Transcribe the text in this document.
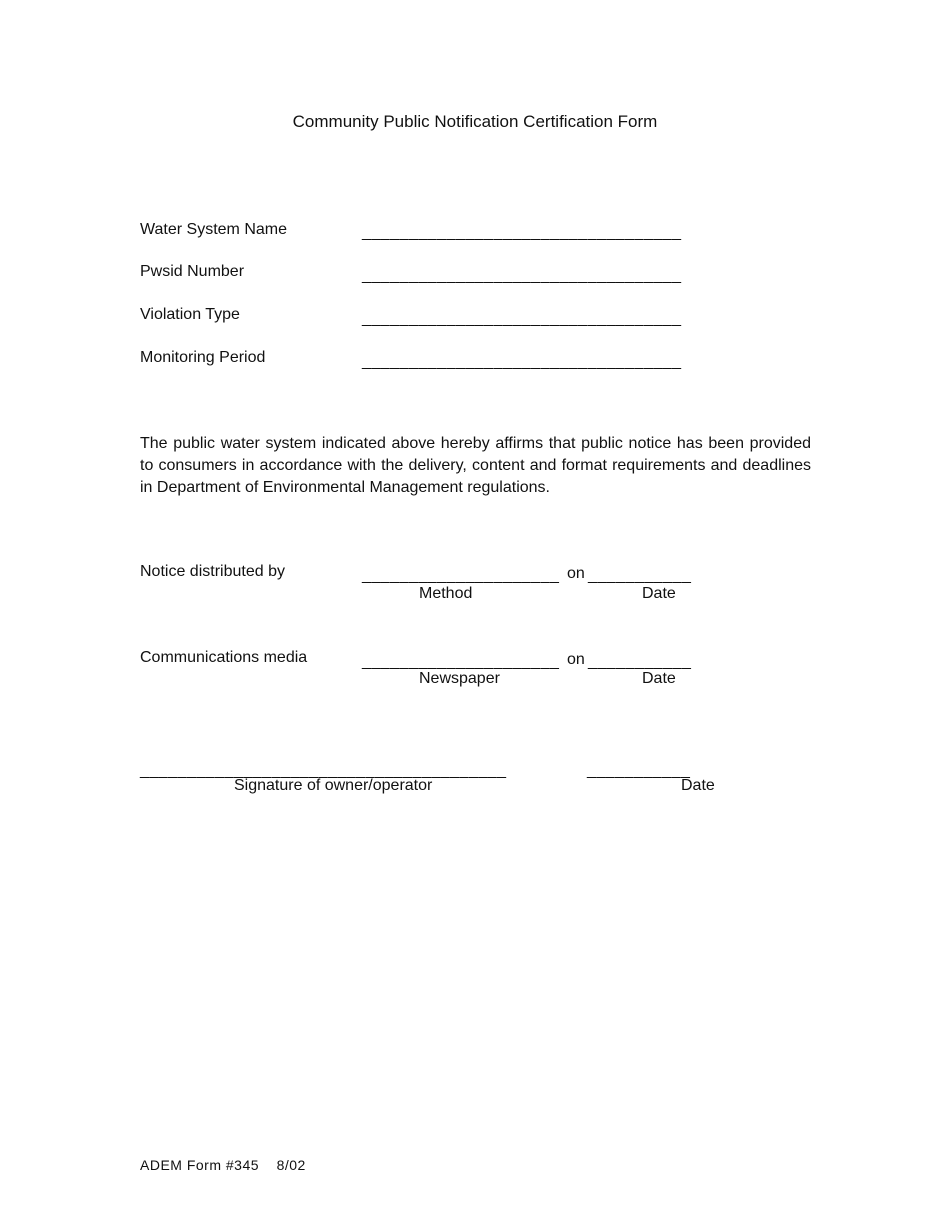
Community Public Notification Certification Form
Water System Name	__________________________________
Pwsid Number	__________________________________
Violation Type	__________________________________
Monitoring Period	__________________________________
The public water system indicated above hereby affirms that public notice has been provided to consumers in accordance with the delivery, content and format requirements and deadlines in Department of Environmental Management regulations.
Notice distributed by	_____________________ on ___________
Method	Date
Communications media	_____________________ on ___________
Newspaper	Date
_______________________________________
Signature of owner/operator
___________
Date
ADEM Form #345    8/02
